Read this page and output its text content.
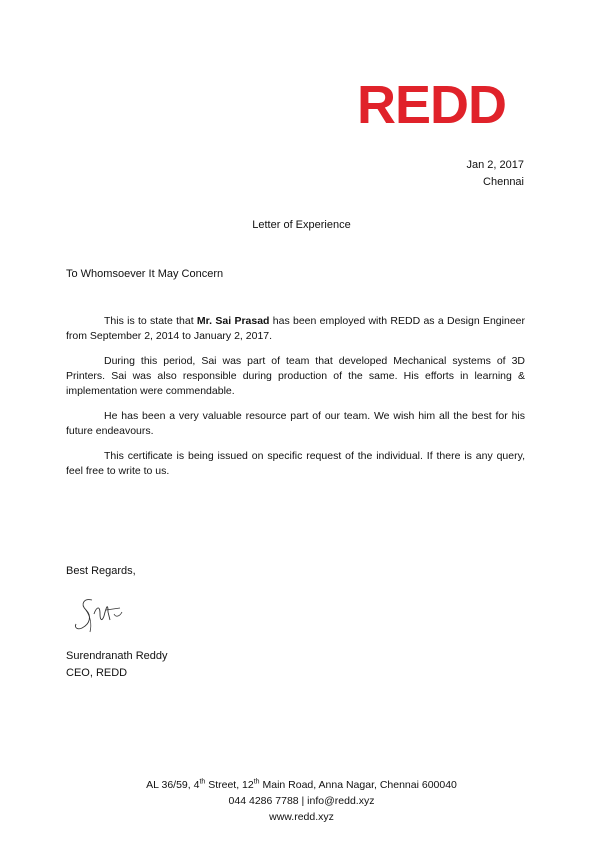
REDD
Jan 2, 2017
Chennai
Letter of Experience
To Whomsoever It May Concern

This is to state that Mr. Sai Prasad has been employed with REDD as a Design Engineer from September 2, 2014 to January 2, 2017.

During this period, Sai was part of team that developed Mechanical systems of 3D Printers. Sai was also responsible during production of the same. His efforts in learning & implementation were commendable.

He has been a very valuable resource part of our team. We wish him all the best for his future endeavours.

This certificate is being issued on specific request of the individual. If there is any query, feel free to write to us.

Best Regards,
Surendranath Reddy
CEO, REDD
AL 36/59, 4th Street, 12th Main Road, Anna Nagar, Chennai 600040
044 4286 7788 | info@redd.xyz
www.redd.xyz
